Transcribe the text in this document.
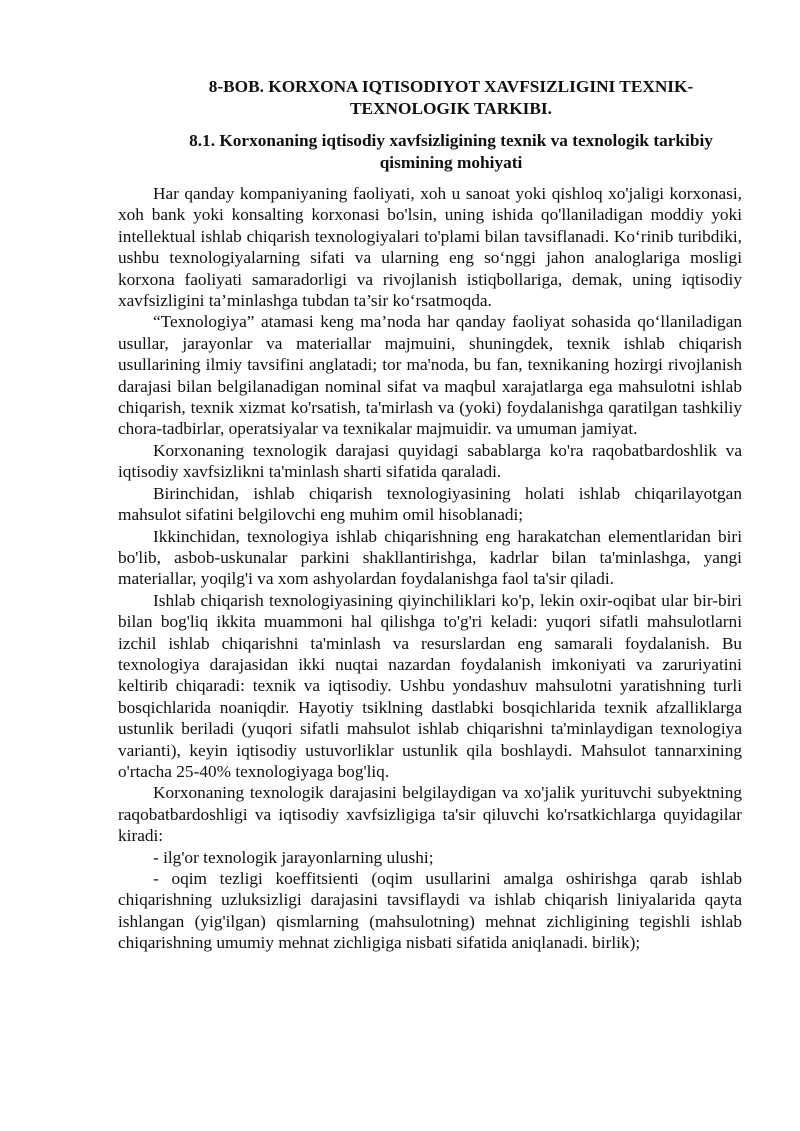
8-BOB. KORXONA IQTISODIYOT XAVFSIZLIGINI TEXNIK-TEXNOLOGIK TARKIBI.
8.1. Korxonaning iqtisodiy xavfsizligining texnik va texnologik tarkibiy qismining mohiyati

Har qanday kompaniyaning faoliyati, xoh u sanoat yoki qishloq xo'jaligi korxonasi, xoh bank yoki konsalting korxonasi bo'lsin, uning ishida qo'llaniladigan moddiy yoki intellektual ishlab chiqarish texnologiyalari to'plami bilan tavsiflanadi. Ko‘rinib turibdiki, ushbu texnologiyalarning sifati va ularning eng so‘nggi jahon analoglariga mosligi korxona faoliyati samaradorligi va rivojlanish istiqbollariga, demak, uning iqtisodiy xavfsizligini ta’minlashga tubdan ta’sir ko‘rsatmoqda.

“Texnologiya” atamasi keng ma’noda har qanday faoliyat sohasida qo‘llaniladigan usullar, jarayonlar va materiallar majmuini, shuningdek, texnik ishlab chiqarish usullarining ilmiy tavsifini anglatadi; tor ma'noda, bu fan, texnikaning hozirgi rivojlanish darajasi bilan belgilanadigan nominal sifat va maqbul xarajatlarga ega mahsulotni ishlab chiqarish, texnik xizmat ko'rsatish, ta'mirlash va (yoki) foydalanishga qaratilgan tashkiliy chora-tadbirlar, operatsiyalar va texnikalar majmuidir. va umuman jamiyat.

Korxonaning texnologik darajasi quyidagi sabablarga ko'ra raqobatbardoshlik va iqtisodiy xavfsizlikni ta'minlash sharti sifatida qaraladi.

Birinchidan, ishlab chiqarish texnologiyasining holati ishlab chiqarilayotgan mahsulot sifatini belgilovchi eng muhim omil hisoblanadi;

Ikkinchidan, texnologiya ishlab chiqarishning eng harakatchan elementlaridan biri bo'lib, asbob-uskunalar parkini shakllantirishga, kadrlar bilan ta'minlashga, yangi materiallar, yoqilg'i va xom ashyolardan foydalanishga faol ta'sir qiladi.

Ishlab chiqarish texnologiyasining qiyinchiliklari ko'p, lekin oxir-oqibat ular bir-biri bilan bog'liq ikkita muammoni hal qilishga to'g'ri keladi: yuqori sifatli mahsulotlarni izchil ishlab chiqarishni ta'minlash va resurslardan eng samarali foydalanish. Bu texnologiya darajasidan ikki nuqtai nazardan foydalanish imkoniyati va zaruriyatini keltirib chiqaradi: texnik va iqtisodiy. Ushbu yondashuv mahsulotni yaratishning turli bosqichlarida noaniqdir. Hayotiy tsiklning dastlabki bosqichlarida texnik afzalliklarga ustunlik beriladi (yuqori sifatli mahsulot ishlab chiqarishni ta'minlaydigan texnologiya varianti), keyin iqtisodiy ustuvorliklar ustunlik qila boshlaydi. Mahsulot tannarxining o'rtacha 25-40% texnologiyaga bog'liq.

Korxonaning texnologik darajasini belgilaydigan va xo'jalik yurituvchi subyektning raqobatbardoshligi va iqtisodiy xavfsizligiga ta'sir qiluvchi ko'rsatkichlarga quyidagilar kiradi:

- ilg'or texnologik jarayonlarning ulushi;

- oqim tezligi koeffitsienti (oqim usullarini amalga oshirishga qarab ishlab chiqarishning uzluksizligi darajasini tavsiflaydi va ishlab chiqarish liniyalarida qayta ishlangan (yig'ilgan) qismlarning (mahsulotning) mehnat zichligining tegishli ishlab chiqarishning umumiy mehnat zichligiga nisbati sifatida aniqlanadi. birlik);
